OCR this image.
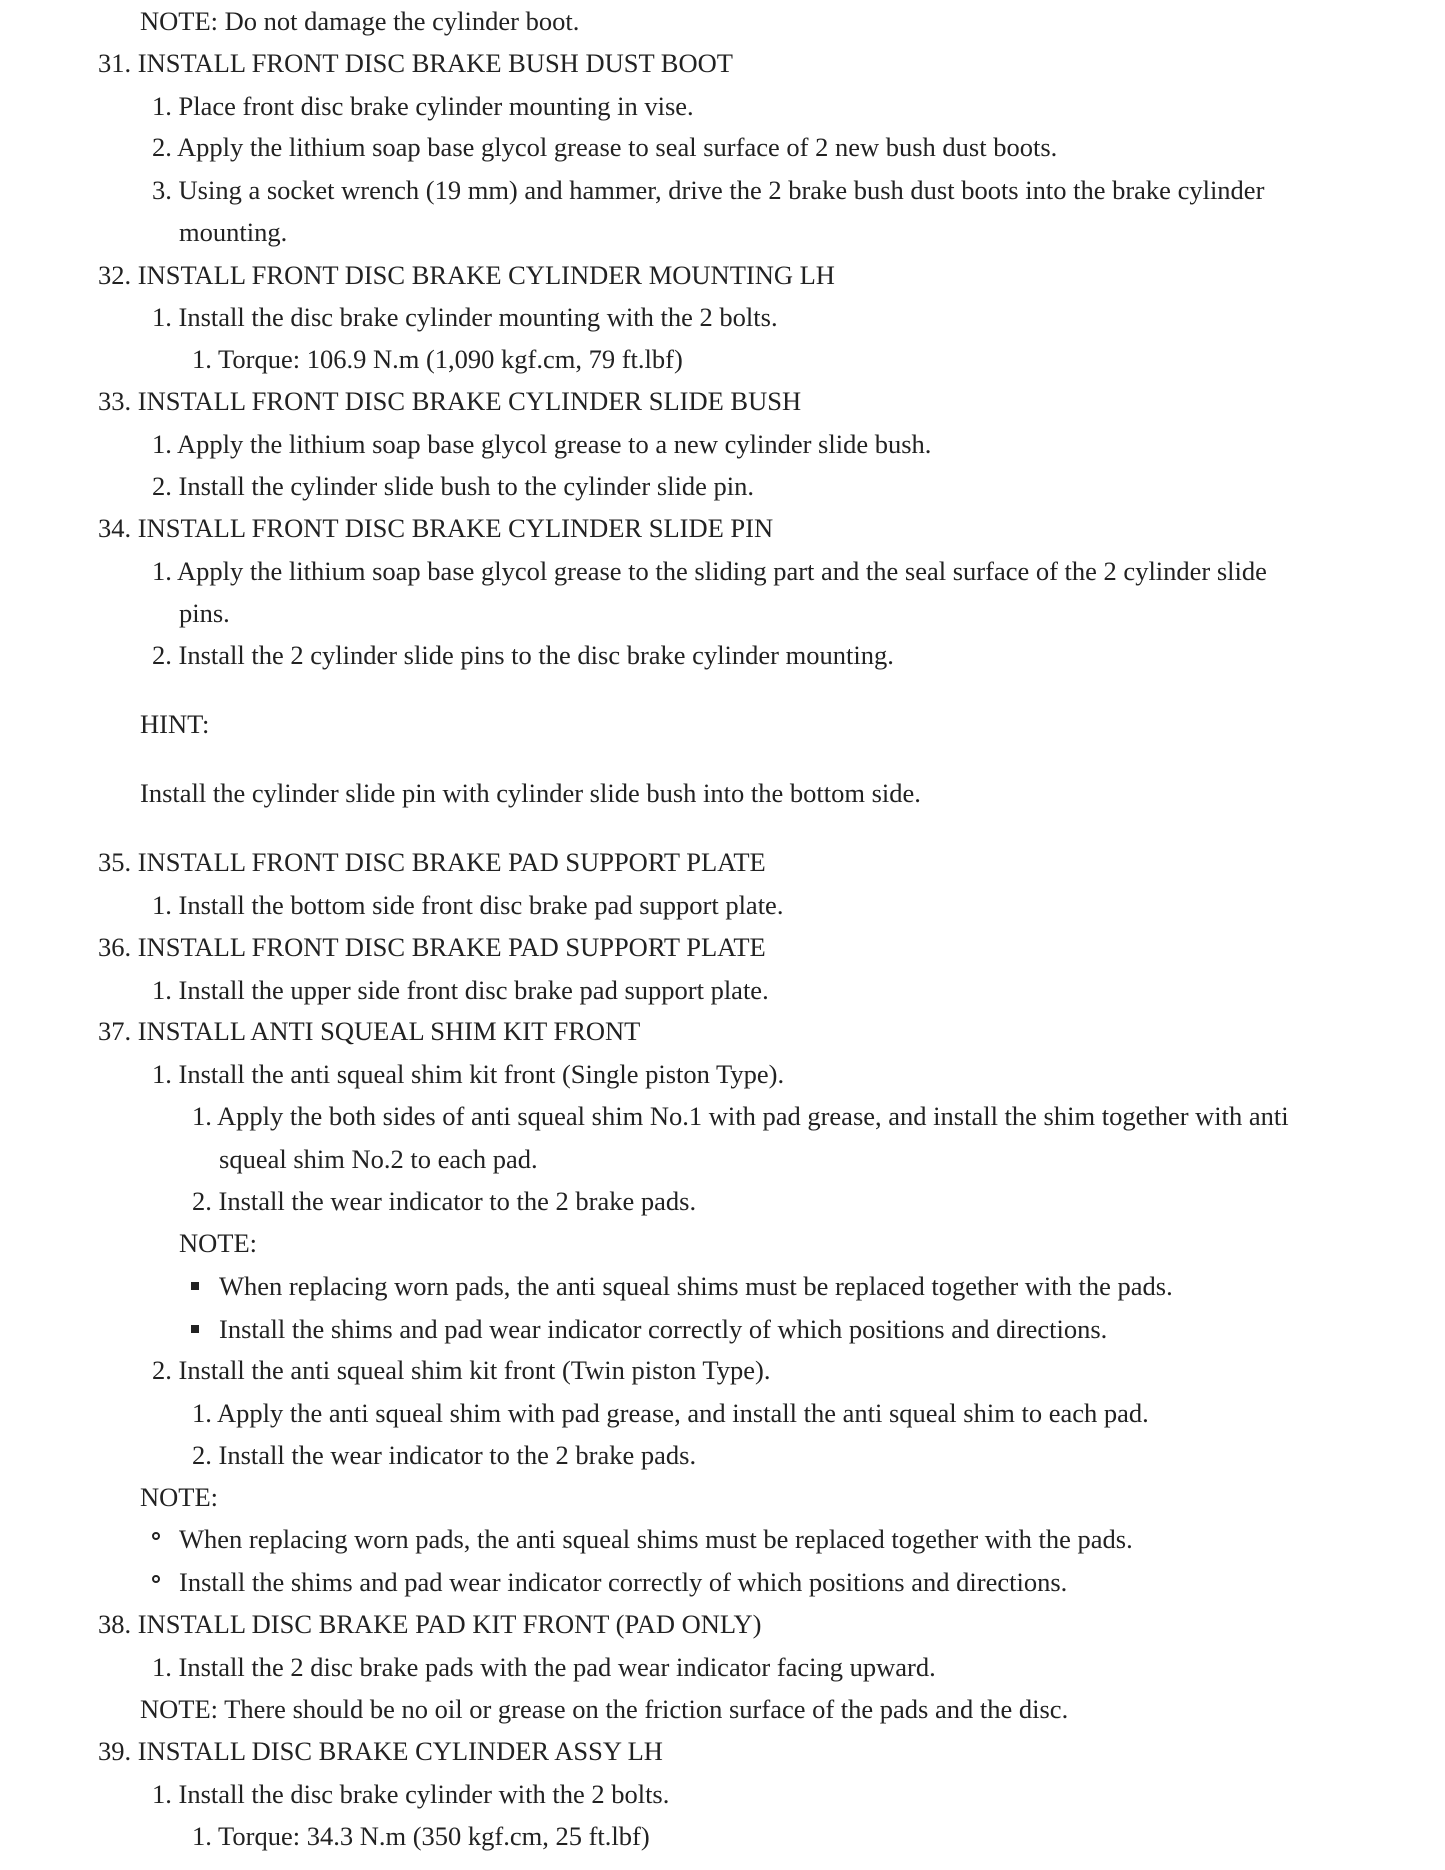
NOTE: Do not damage the cylinder boot.
31. INSTALL FRONT DISC BRAKE BUSH DUST BOOT
1. Place front disc brake cylinder mounting in vise.
2. Apply the lithium soap base glycol grease to seal surface of 2 new bush dust boots.
3. Using a socket wrench (19 mm) and hammer, drive the 2 brake bush dust boots into the brake cylinder
mounting.
32. INSTALL FRONT DISC BRAKE CYLINDER MOUNTING LH
1. Install the disc brake cylinder mounting with the 2 bolts.
1. Torque: 106.9 N.m (1,090 kgf.cm, 79 ft.lbf)
33. INSTALL FRONT DISC BRAKE CYLINDER SLIDE BUSH
1. Apply the lithium soap base glycol grease to a new cylinder slide bush.
2. Install the cylinder slide bush to the cylinder slide pin.
34. INSTALL FRONT DISC BRAKE CYLINDER SLIDE PIN
1. Apply the lithium soap base glycol grease to the sliding part and the seal surface of the 2 cylinder slide
pins.
2. Install the 2 cylinder slide pins to the disc brake cylinder mounting.
HINT:
Install the cylinder slide pin with cylinder slide bush into the bottom side.
35. INSTALL FRONT DISC BRAKE PAD SUPPORT PLATE
1. Install the bottom side front disc brake pad support plate.
36. INSTALL FRONT DISC BRAKE PAD SUPPORT PLATE
1. Install the upper side front disc brake pad support plate.
37. INSTALL ANTI SQUEAL SHIM KIT FRONT
1. Install the anti squeal shim kit front (Single piston Type).
1. Apply the both sides of anti squeal shim No.1 with pad grease, and install the shim together with anti
squeal shim No.2 to each pad.
2. Install the wear indicator to the 2 brake pads.
NOTE:
When replacing worn pads, the anti squeal shims must be replaced together with the pads.
Install the shims and pad wear indicator correctly of which positions and directions.
2. Install the anti squeal shim kit front (Twin piston Type).
1. Apply the anti squeal shim with pad grease, and install the anti squeal shim to each pad.
2. Install the wear indicator to the 2 brake pads.
NOTE:
When replacing worn pads, the anti squeal shims must be replaced together with the pads.
Install the shims and pad wear indicator correctly of which positions and directions.
38. INSTALL DISC BRAKE PAD KIT FRONT (PAD ONLY)
1. Install the 2 disc brake pads with the pad wear indicator facing upward.
NOTE: There should be no oil or grease on the friction surface of the pads and the disc.
39. INSTALL DISC BRAKE CYLINDER ASSY LH
1. Install the disc brake cylinder with the 2 bolts.
1. Torque: 34.3 N.m (350 kgf.cm, 25 ft.lbf)
